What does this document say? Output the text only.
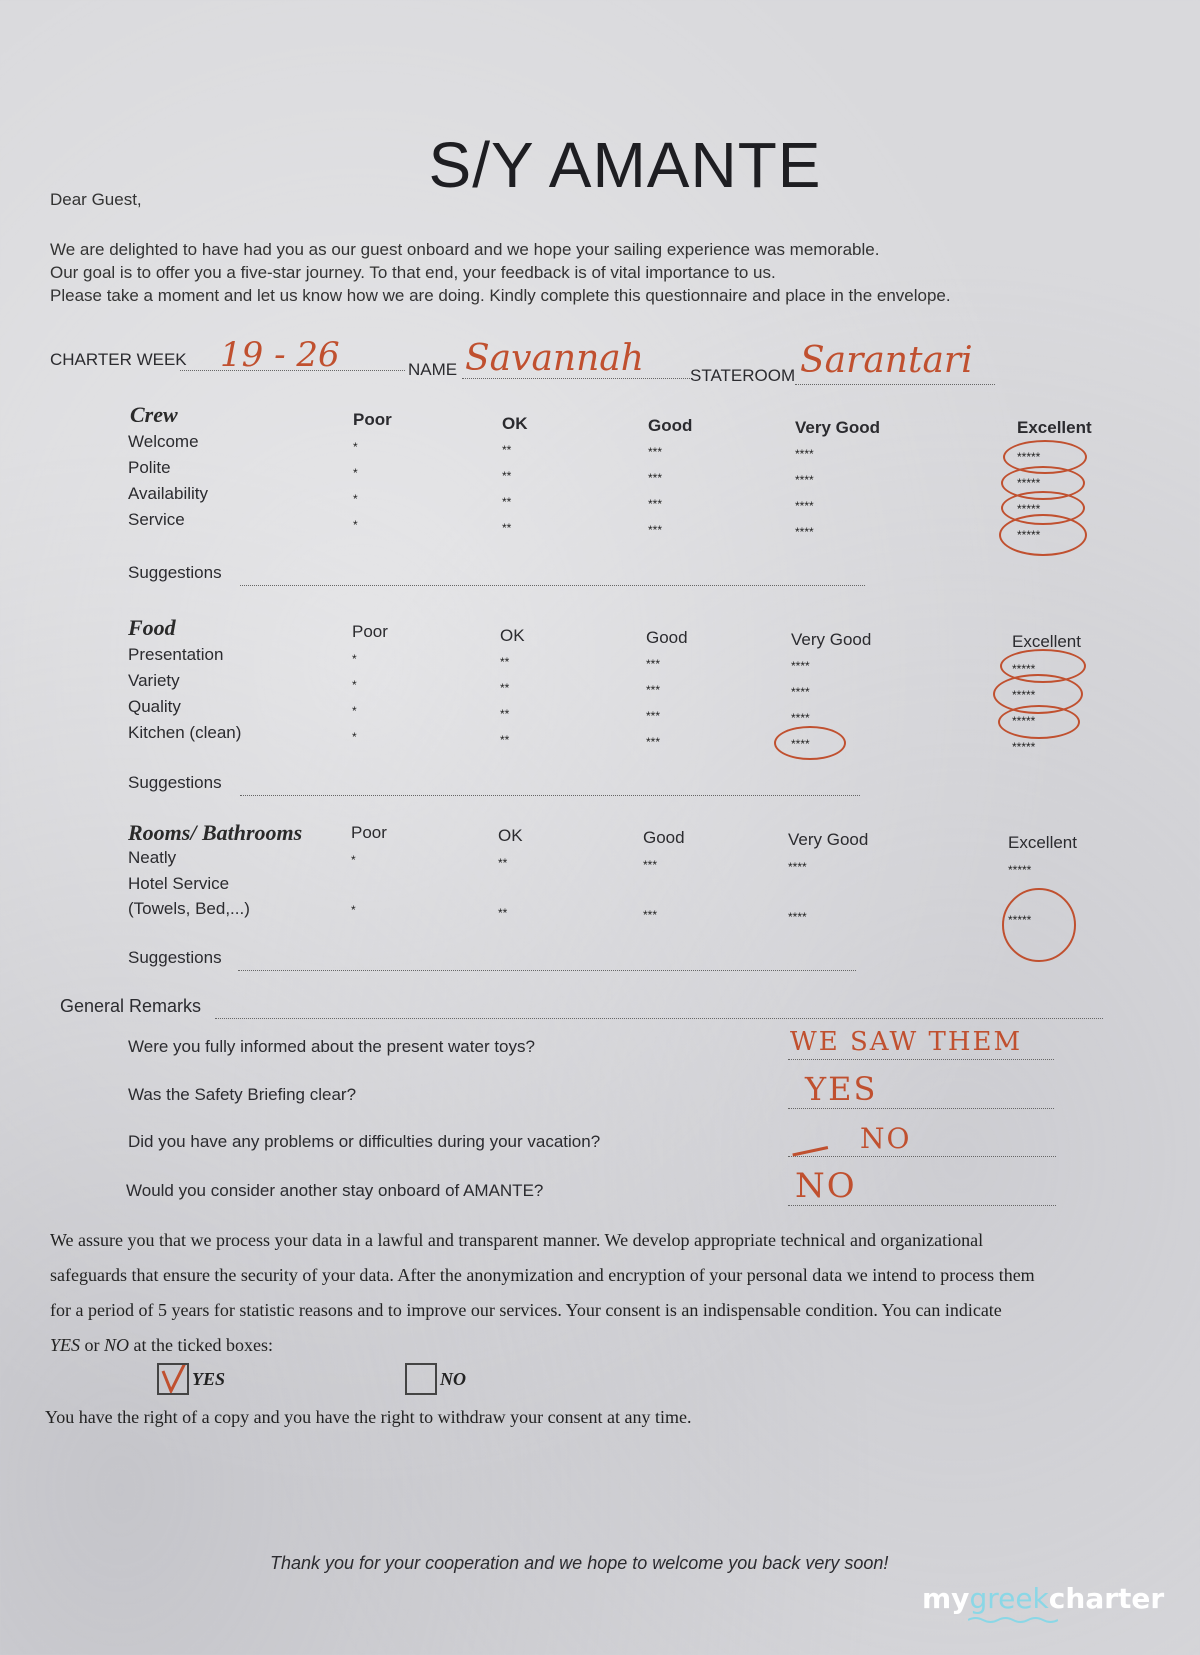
S/Y AMANTE
Dear Guest,
We are delighted to have had you as our guest onboard and we hope your sailing experience was memorable.
Our goal is to offer you a five-star journey. To that end, your feedback is of vital importance to us.
Please take a moment and let us know how we are doing. Kindly complete this questionnaire and place in the envelope.
CHARTER WEEK 19 - 26	NAME Savannah	STATEROOM Sarantari
Crew	Poor	OK	Good	Very Good	Excellent
Welcome	*	**	***	****	*****
Polite	*	**	***	****	*****
Availability	*	**	***	****	*****
Service	*	**	***	****	*****
Suggestions
Food	Poor	OK	Good	Very Good	Excellent
Presentation	*	**	***	****	*****
Variety	*	**	***	****	*****
Quality	*	**	***	****	*****
Kitchen (clean)	*	**	***	****	*****
Suggestions
Rooms/ Bathrooms	Poor	OK	Good	Very Good	Excellent
Neatly	*	**	***	****	*****
Hotel Service
(Towels, Bed,...)	*	**	***	****	*****
Suggestions
General Remarks
Were you fully informed about the present water toys?	WE SAW THEM
Was the Safety Briefing clear?	YES
Did you have any problems or difficulties during your vacation?	NO
Would you consider another stay onboard of AMANTE?	NO
We assure you that we process your data in a lawful and transparent manner. We develop appropriate technical and organizational
safeguards that ensure the security of your data. After the anonymization and encryption of your personal data we intend to process them
for a period of 5 years for statistic reasons and to improve our services. Your consent is an indispensable condition. You can indicate
YES or NO at the ticked boxes:
YES	NO
You have the right of a copy and you have the right to withdraw your consent at any time.
Thank you for your cooperation and we hope to welcome you back very soon!
mygreekcharter
